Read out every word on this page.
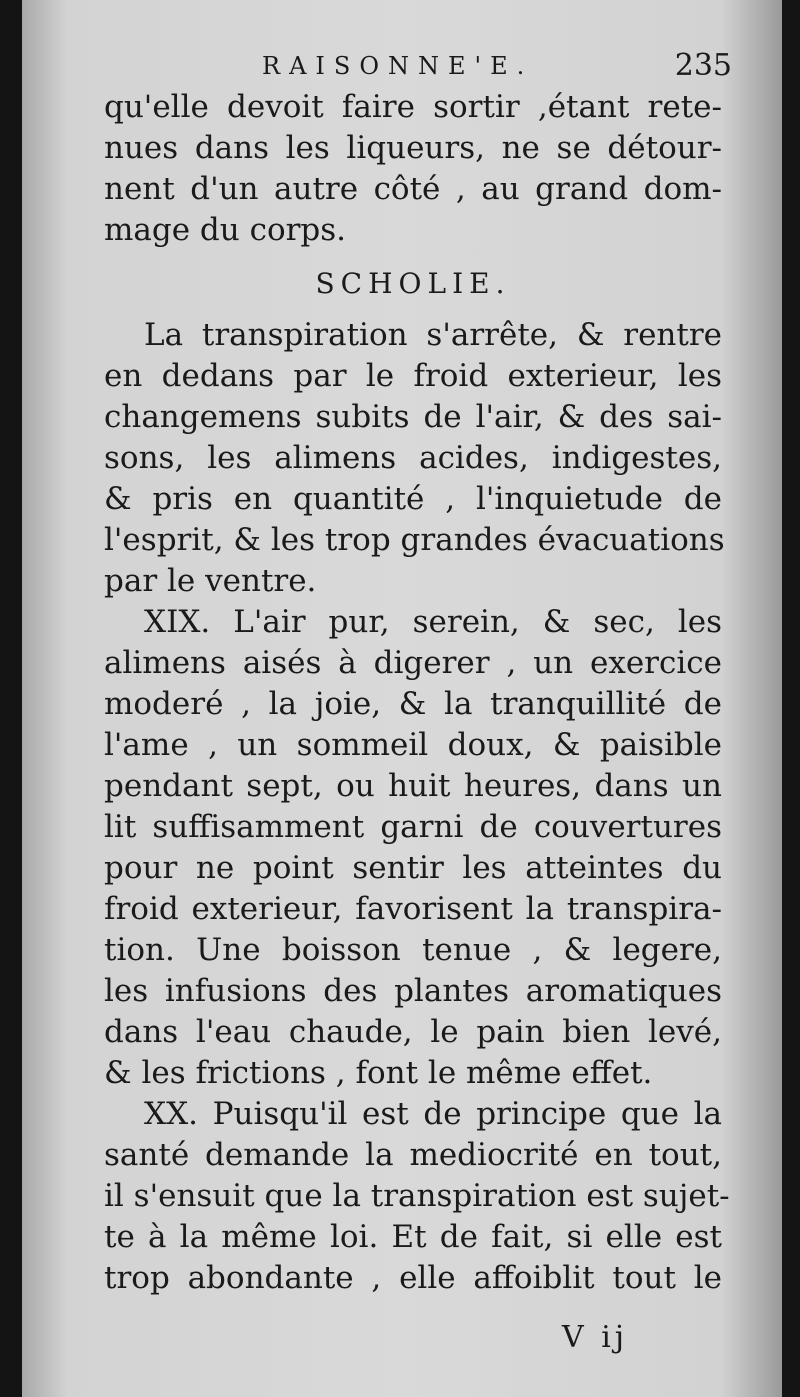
RAISONNE'E.	235
qu'elle devoit faire sortir ,étant rete-
nues dans les liqueurs, ne se détour-
nent d'un autre côté , au grand dom-
mage du corps.
SCHOLIE.
La transpiration s'arrête, & rentre
en dedans par le froid exterieur, les
changemens subits de l'air, & des sai-
sons, les alimens acides, indigestes,
& pris en quantité , l'inquietude de
l'esprit, & les trop grandes évacuations
par le ventre.
XIX. L'air pur, serein, & sec, les
alimens aisés à digerer , un exercice
moderé , la joie, & la tranquillité de
l'ame , un sommeil doux, & paisible
pendant sept, ou huit heures, dans un
lit suffisamment garni de couvertures
pour ne point sentir les atteintes du
froid exterieur, favorisent la transpira-
tion. Une boisson tenue , & legere,
les infusions des plantes aromatiques
dans l'eau chaude, le pain bien levé,
& les frictions , font le même effet.
XX. Puisqu'il est de principe que la
santé demande la mediocrité en tout,
il s'ensuit que la transpiration est sujet-
te à la même loi. Et de fait, si elle est
trop abondante , elle affoiblit tout le
V ij
